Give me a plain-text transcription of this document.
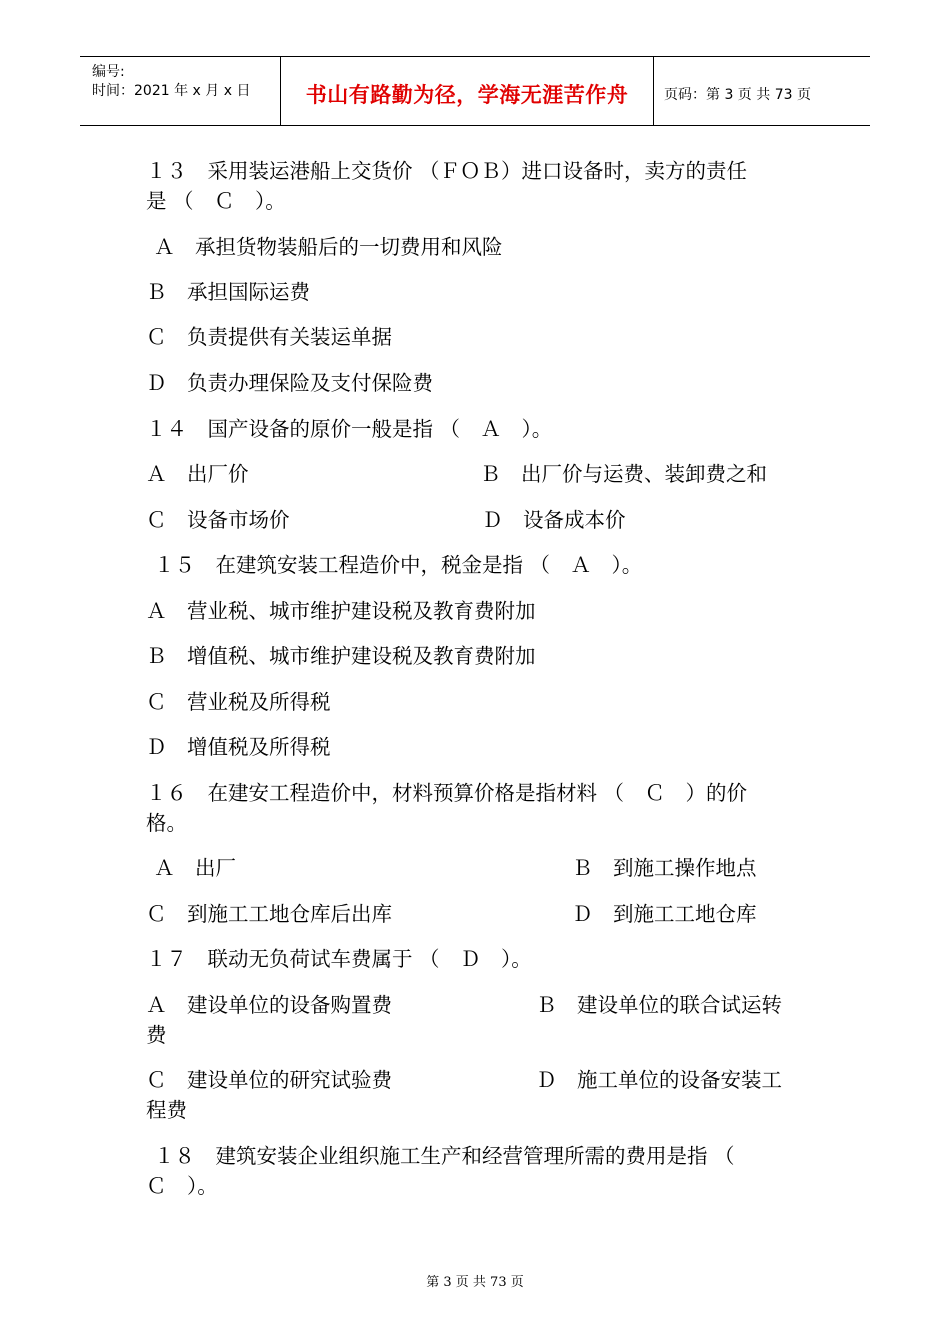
编号:
时间：2021 年 x 月 x 日	书山有路勤为径，学海无涯苦作舟	页码：第 3 页 共 73 页
１３　采用装运港船上交货价 （ＦＯＢ）进口设备时，卖方的责任
是 （　Ｃ　）。
Ａ　承担货物装船后的一切费用和风险
Ｂ　承担国际运费
Ｃ　负责提供有关装运单据
Ｄ　负责办理保险及支付保险费
１４　国产设备的原价一般是指 （　Ａ　）。
Ａ　出厂价	Ｂ　出厂价与运费、装卸费之和
Ｃ　设备市场价	Ｄ　设备成本价
１５　在建筑安装工程造价中，税金是指 （　Ａ　）。
Ａ　营业税、城市维护建设税及教育费附加
Ｂ　增值税、城市维护建设税及教育费附加
Ｃ　营业税及所得税
Ｄ　增值税及所得税
１６　在建安工程造价中，材料预算价格是指材料 （　Ｃ　）的价
格。
Ａ　出厂	Ｂ　到施工操作地点
Ｃ　到施工工地仓库后出库	Ｄ　到施工工地仓库
１７　联动无负荷试车费属于 （　Ｄ　）。
Ａ　建设单位的设备购置费	Ｂ　建设单位的联合试运转
费
Ｃ　建设单位的研究试验费	Ｄ　施工单位的设备安装工
程费
１８　建筑安装企业组织施工生产和经营管理所需的费用是指 （
Ｃ　）。
第 3 页 共 73 页
